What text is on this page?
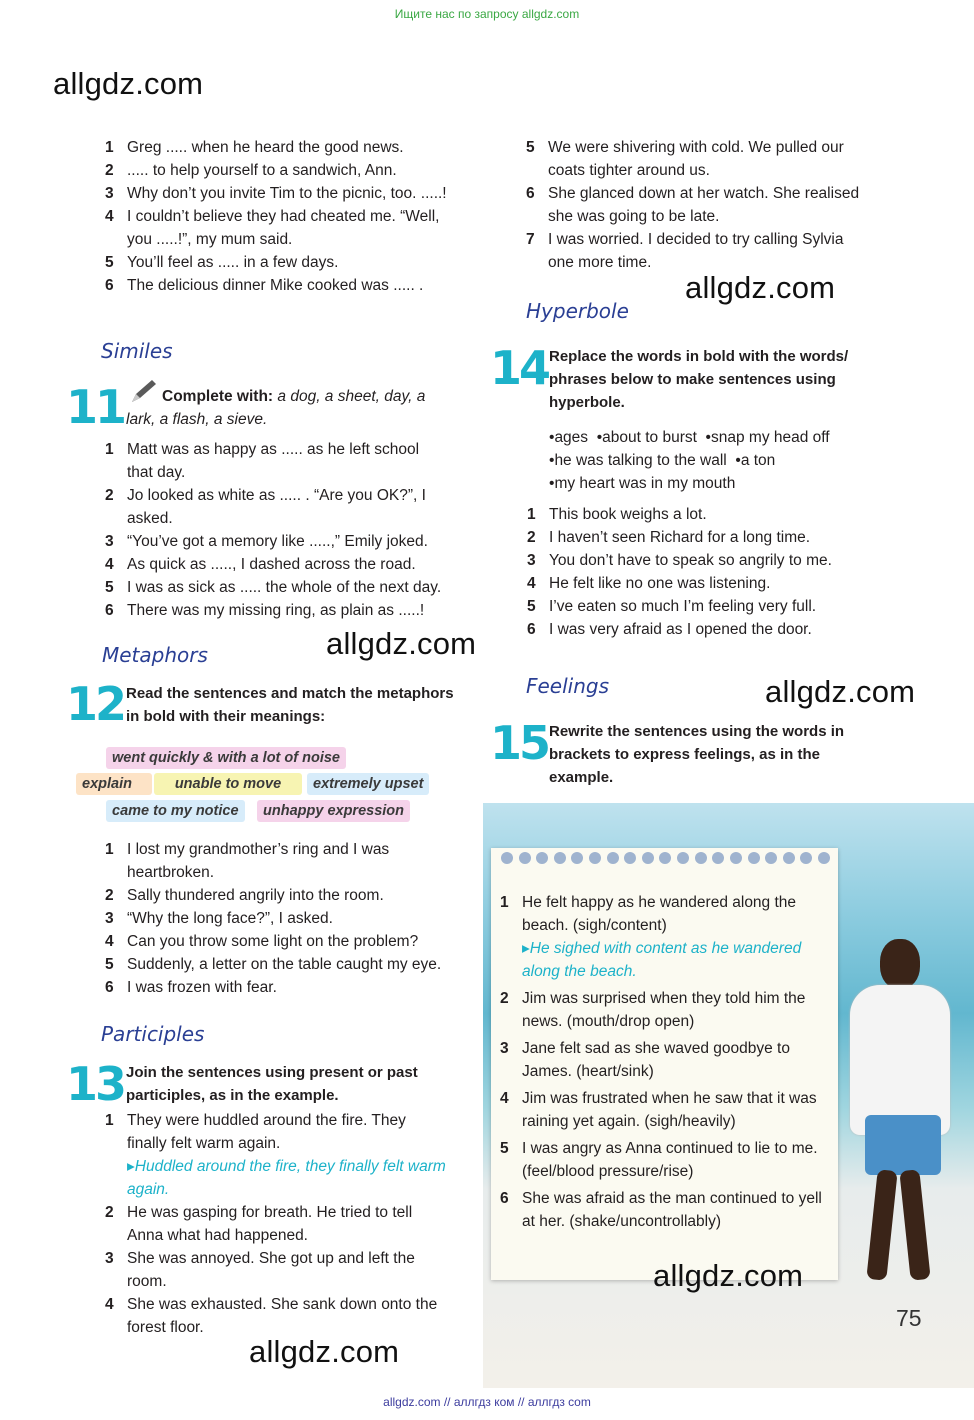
Ищите нас по запросу allgdz.com
allgdz.com
1 Greg ..... when he heard the good news.
2 ..... to help yourself to a sandwich, Ann.
3 Why don’t you invite Tim to the picnic, too. .....!
4 I couldn’t believe they had cheated me. “Well, you .....!”, my mum said.
5 You’ll feel as ..... in a few days.
6 The delicious dinner Mike cooked was ..... .
Similes
11	Complete with: a dog, a sheet, day, a lark, a flash, a sieve.
1 Matt was as happy as ..... as he left school that day.
2 Jo looked as white as ..... . “Are you OK?”, I asked.
3 “You’ve got a memory like .....,” Emily joked.
4 As quick as ....., I dashed across the road.
5 I was as sick as ..... the whole of the next day.
6 There was my missing ring, as plain as .....!
Metaphors	allgdz.com
12 Read the sentences and match the metaphors in bold with their meanings:
went quickly & with a lot of noise
explain	unable to move	extremely upset
came to my notice	unhappy expression
1 I lost my grandmother’s ring and I was heartbroken.
2 Sally thundered angrily into the room.
3 “Why the long face?”, I asked.
4 Can you throw some light on the problem?
5 Suddenly, a letter on the table caught my eye.
6 I was frozen with fear.
Participles
13 Join the sentences using present or past participles, as in the example.
1 They were huddled around the fire. They finally felt warm again.
▸ Huddled around the fire, they finally felt warm again.
2 He was gasping for breath. He tried to tell Anna what had happened.
3 She was annoyed. She got up and left the room.
4 She was exhausted. She sank down onto the forest floor.
allgdz.com
5 We were shivering with cold. We pulled our coats tighter around us.
6 She glanced down at her watch. She realised she was going to be late.
7 I was worried. I decided to try calling Sylvia one more time.
Hyperbole
allgdz.com
14 Replace the words in bold with the words/ phrases below to make sentences using hyperbole.
• ages • about to burst • snap my head off
• he was talking to the wall • a ton
• my heart was in my mouth
1 This book weighs a lot.
2 I haven’t seen Richard for a long time.
3 You don’t have to speak so angrily to me.
4 He felt like no one was listening.
5 I’ve eaten so much I’m feeling very full.
6 I was very afraid as I opened the door.
Feelings	allgdz.com
15 Rewrite the sentences using the words in brackets to express feelings, as in the example.
1 He felt happy as he wandered along the beach. (sigh/content)
▸ He sighed with content as he wandered along the beach.
2 Jim was surprised when they told him the news. (mouth/drop open)
3 Jane felt sad as she waved goodbye to James. (heart/sink)
4 Jim was frustrated when he saw that it was raining yet again. (sigh/heavily)
5 I was angry as Anna continued to lie to me. (feel/blood pressure/rise)
6 She was afraid as the man continued to yell at her. (shake/uncontrollably)
allgdz.com
75
allgdz.com // аллгдз ком // аллгдз com
